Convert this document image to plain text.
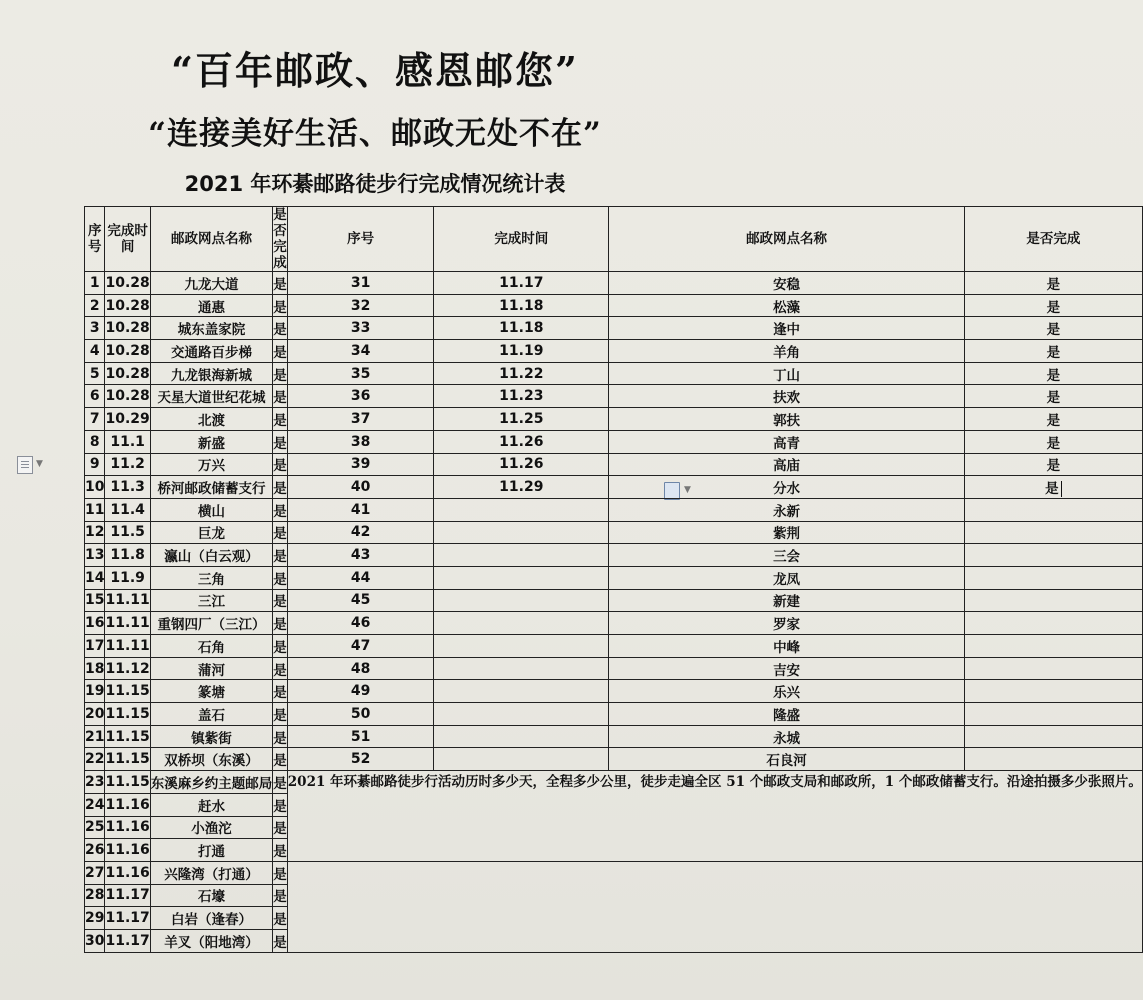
“百年邮政、感恩邮您”
“连接美好生活、邮政无处不在”
2021 年环綦邮路徒步行完成情况统计表
▼
▼
序号	完成时间	邮政网点名称	是否完成	序号	完成时间	邮政网点名称	是否完成
1	10.28	九龙大道	是	31	11.17	安稳	是
2	10.28	通惠	是	32	11.18	松藻	是
3	10.28	城东盖家院	是	33	11.18	逢中	是
4	10.28	交通路百步梯	是	34	11.19	羊角	是
5	10.28	九龙银海新城	是	35	11.22	丁山	是
6	10.28	天星大道世纪花城	是	36	11.23	扶欢	是
7	10.29	北渡	是	37	11.25	郭扶	是
8	11.1	新盛	是	38	11.26	高青	是
9	11.2	万兴	是	39	11.26	高庙	是
10	11.3	桥河邮政储蓄支行	是	40	11.29	分水	是
11	11.4	横山	是	41		永新	
12	11.5	巨龙	是	42		紫荆	
13	11.8	瀛山（白云观）	是	43		三会	
14	11.9	三角	是	44		龙凤	
15	11.11	三江	是	45		新建	
16	11.11	重钢四厂（三江）	是	46		罗家	
17	11.11	石角	是	47		中峰	
18	11.12	蒲河	是	48		吉安	
19	11.15	篆塘	是	49		乐兴	
20	11.15	盖石	是	50		隆盛	
21	11.15	镇紫街	是	51		永城	
22	11.15	双桥坝（东溪）	是	52		石良河	
23	11.15	东溪麻乡约主题邮局	是	2021 年环綦邮路徒步行活动历时多少天，全程多少公里，徒步走遍全区 51 个邮政支局和邮政所，1 个邮政储蓄支行。沿途拍摄多少张照片。			
24	11.16	赶水	是				
25	11.16	小渔沱	是				
26	11.16	打通	是				
27	11.16	兴隆湾（打通）	是				
28	11.17	石壕	是				
29	11.17	白岩（逢春）	是				
30	11.17	羊叉（阳地湾）	是				
